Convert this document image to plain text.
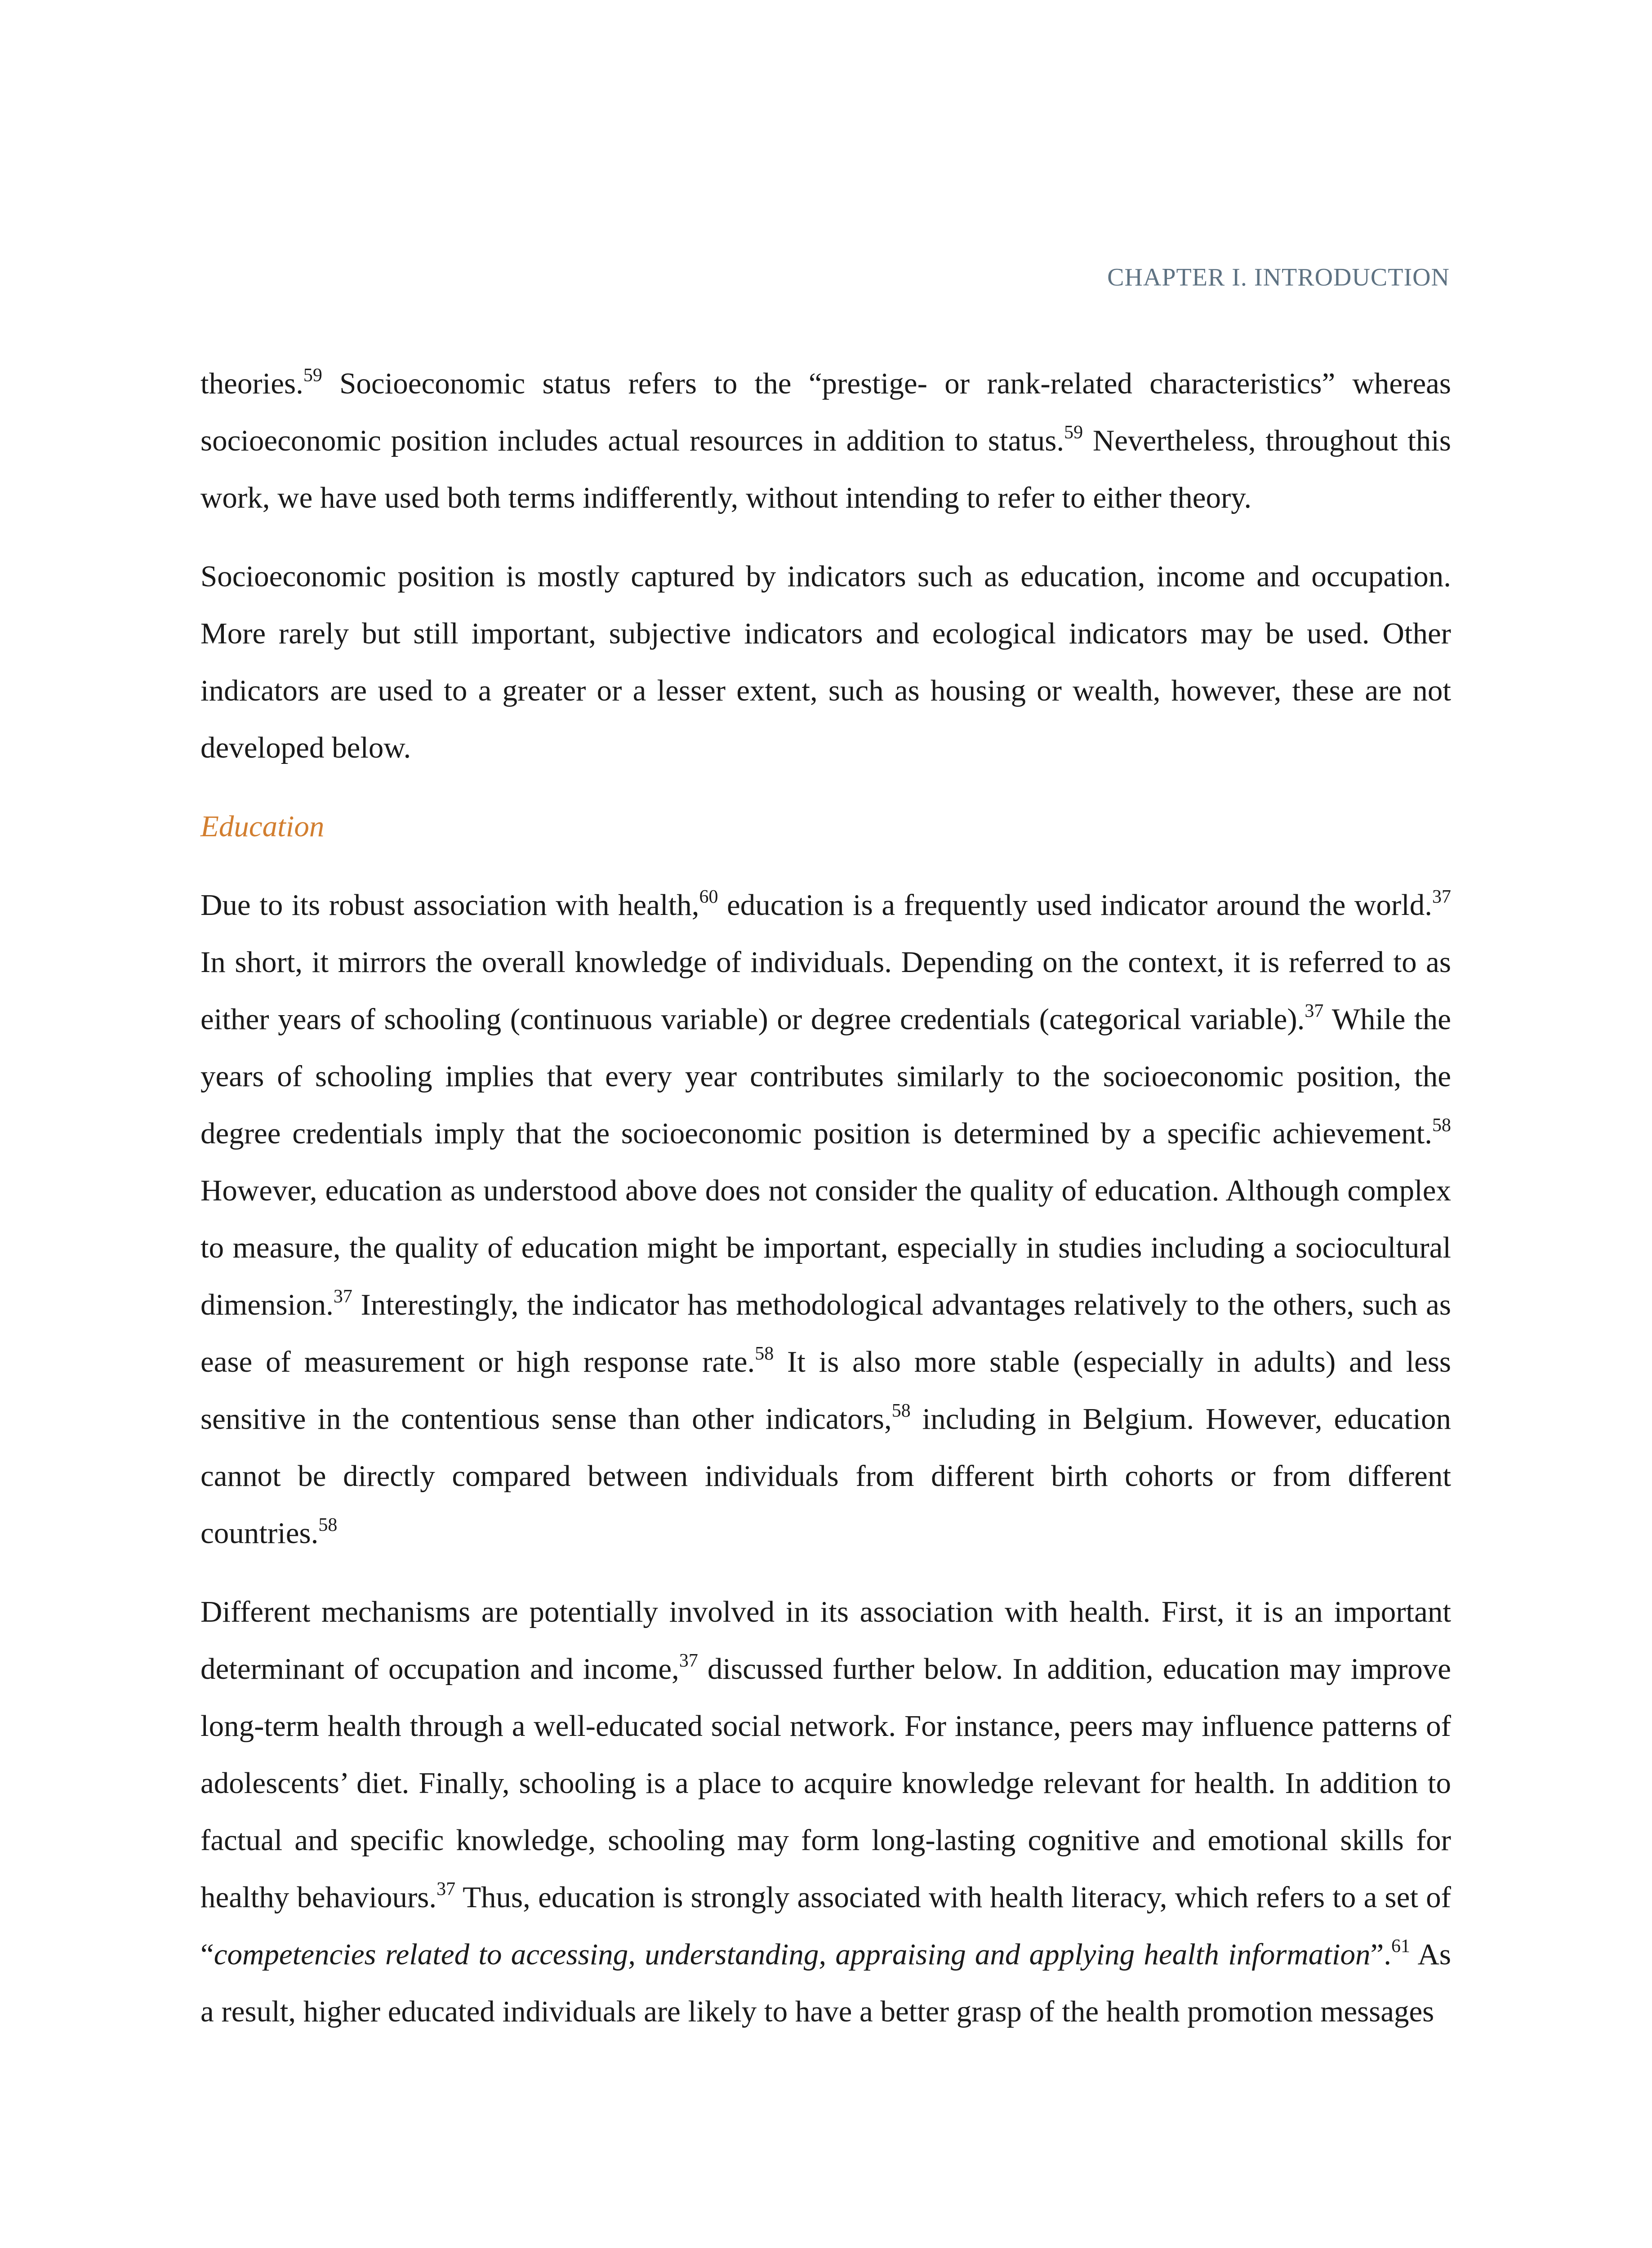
CHAPTER I. INTRODUCTION

theories.$^{59}$ Socioeconomic status refers to the “prestige- or rank-related characteristics” whereas socioeconomic position includes actual resources in addition to status.$^{59}$ Nevertheless, throughout this work, we have used both terms indifferently, without intending to refer to either theory.

Socioeconomic position is mostly captured by indicators such as education, income and occupation. More rarely but still important, subjective indicators and ecological indicators may be used. Other indicators are used to a greater or a lesser extent, such as housing or wealth, however, these are not developed below.

Education

Due to its robust association with health,$^{60}$ education is a frequently used indicator around the world.$^{37}$ In short, it mirrors the overall knowledge of individuals. Depending on the context, it is referred to as either years of schooling (continuous variable) or degree credentials (categorical variable).$^{37}$ While the years of schooling implies that every year contributes similarly to the socioeconomic position, the degree credentials imply that the socioeconomic position is determined by a specific achievement.$^{58}$ However, education as understood above does not consider the quality of education. Although complex to measure, the quality of education might be important, especially in studies including a sociocultural dimension.$^{37}$ Interestingly, the indicator has methodological advantages relatively to the others, such as ease of measurement or high response rate.$^{58}$ It is also more stable (especially in adults) and less sensitive in the contentious sense than other indicators,$^{58}$ including in Belgium. However, education cannot be directly compared between individuals from different birth cohorts or from different countries.$^{58}$

Different mechanisms are potentially involved in its association with health. First, it is an important determinant of occupation and income,$^{37}$ discussed further below. In addition, education may improve long-term health through a well-educated social network. For instance, peers may influence patterns of adolescents’ diet. Finally, schooling is a place to acquire knowledge relevant for health. In addition to factual and specific knowledge, schooling may form long-lasting cognitive and emotional skills for healthy behaviours.$^{37}$ Thus, education is strongly associated with health literacy, which refers to a set of “competencies related to accessing, understanding, appraising and applying health information”.$^{61}$ As a result, higher educated individuals are likely to have a better grasp of the health promotion messages
